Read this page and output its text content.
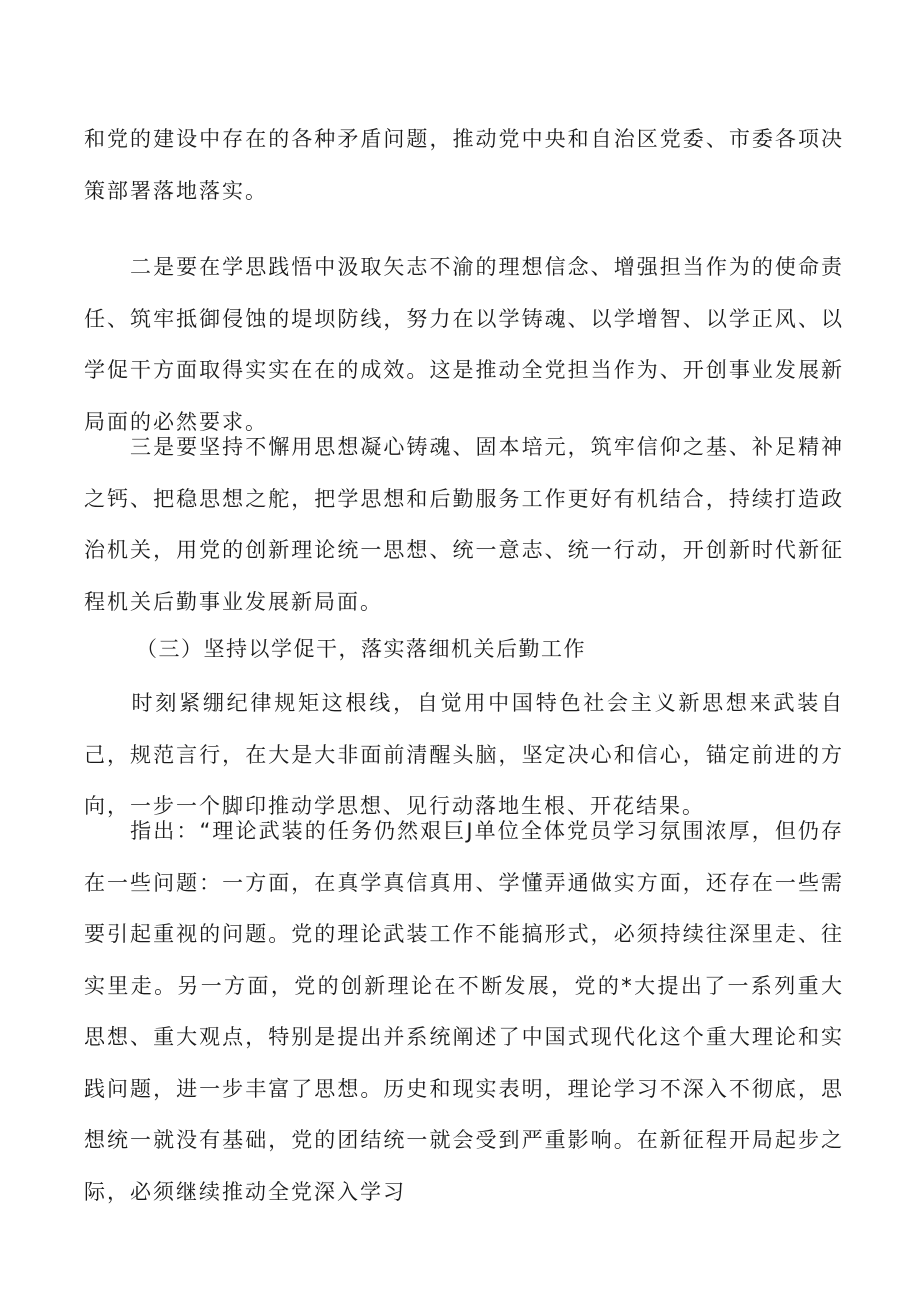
和党的建设中存在的各种矛盾问题，推动党中央和自治区党委、市委各项决策部署落地落实。

　　二是要在学思践悟中汲取矢志不渝的理想信念、增强担当作为的使命责任、筑牢抵御侵蚀的堤坝防线，努力在以学铸魂、以学增智、以学正风、以学促干方面取得实实在在的成效。这是推动全党担当作为、开创事业发展新局面的必然要求。

　　三是要坚持不懈用思想凝心铸魂、固本培元，筑牢信仰之基、补足精神之钙、把稳思想之舵，把学思想和后勤服务工作更好有机结合，持续打造政治机关，用党的创新理论统一思想、统一意志、统一行动，开创新时代新征程机关后勤事业发展新局面。

（三）坚持以学促干，落实落细机关后勤工作

　　时刻紧绷纪律规矩这根线，自觉用中国特色社会主义新思想来武装自己，规范言行，在大是大非面前清醒头脑，坚定决心和信心，锚定前进的方向，一步一个脚印推动学思想、见行动落地生根、开花结果。

　　指出：“理论武装的任务仍然艰巨J单位全体党员学习氛围浓厚，但仍存在一些问题：一方面，在真学真信真用、学懂弄通做实方面，还存在一些需要引起重视的问题。党的理论武装工作不能搞形式，必须持续往深里走、往实里走。另一方面，党的创新理论在不断发展，党的*大提出了一系列重大思想、重大观点，特别是提出并系统阐述了中国式现代化这个重大理论和实践问题，进一步丰富了思想。历史和现实表明，理论学习不深入不彻底，思想统一就没有基础，党的团结统一就会受到严重影响。在新征程开局起步之际，必须继续推动全党深入学习
